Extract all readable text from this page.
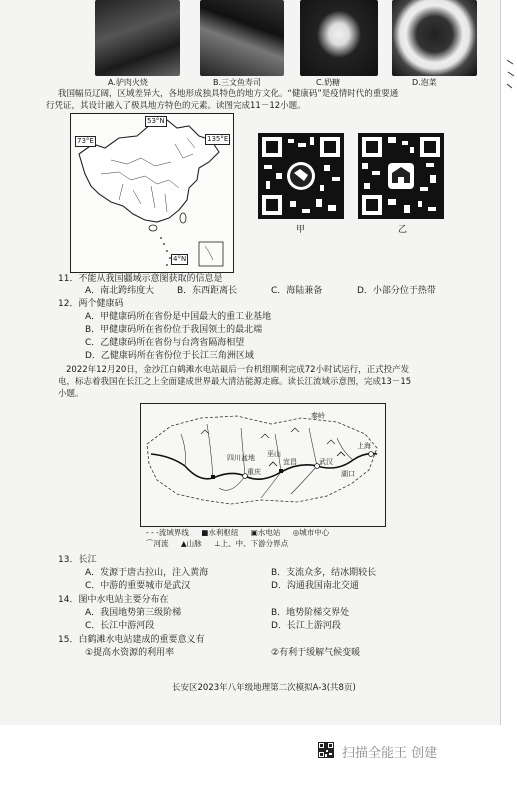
A.驴肉火烧	B.三文鱼寿司	C.奶糖	D.泡菜
我国幅员辽阔，区域差异大，各地形成独具特色的地方文化。“健康码”是疫情时代的重要通
行凭证，其设计融入了极具地方特色的元素。读图完成11－12小题。
73°E
53°N
135°E
4°N
甲	乙
11．不能从我国疆域示意图获取的信息是
A．南北跨纬度大	B．东西距离长	C．海陆兼备	D．小部分位于热带
12．两个健康码
A．甲健康码所在省份是中国最大的重工业基地
B．甲健康码所在省份位于我国领土的最北端
C．乙健康码所在省份与台湾省隔海相望
D．乙健康码所在省份位于长江三角洲区域
2022年12月20日，金沙江白鹤滩水电站最后一台机组顺利完成72小时试运行，正式投产发
电，标志着我国在长江之上全面建成世界最大清洁能源走廊。读长江流域示意图，完成13－15
小题。
秦岭
四川盆地 巫山
重庆
宜昌	武汉
湖口
上海
- - -流域界线 ■水利枢纽 ▣水电站 ◎城市中心
⌒河流 ▲山脉 ⊥上、中、下游分界点
13．长江
A．发源于唐古拉山，注入黄海	B．支流众多，结冰期较长
C．中游的重要城市是武汉	D．沟通我国南北交通
14．图中水电站主要分布在
A．我国地势第三级阶梯	B．地势阶梯交界处
C．长江中游河段	D．长江上游河段
15．白鹤滩水电站建成的重要意义有
①提高水资源的利用率	②有利于缓解气候变暖
长安区2023年八年级地理第二次模拟A-3(共8页)
扫描全能王 创建
